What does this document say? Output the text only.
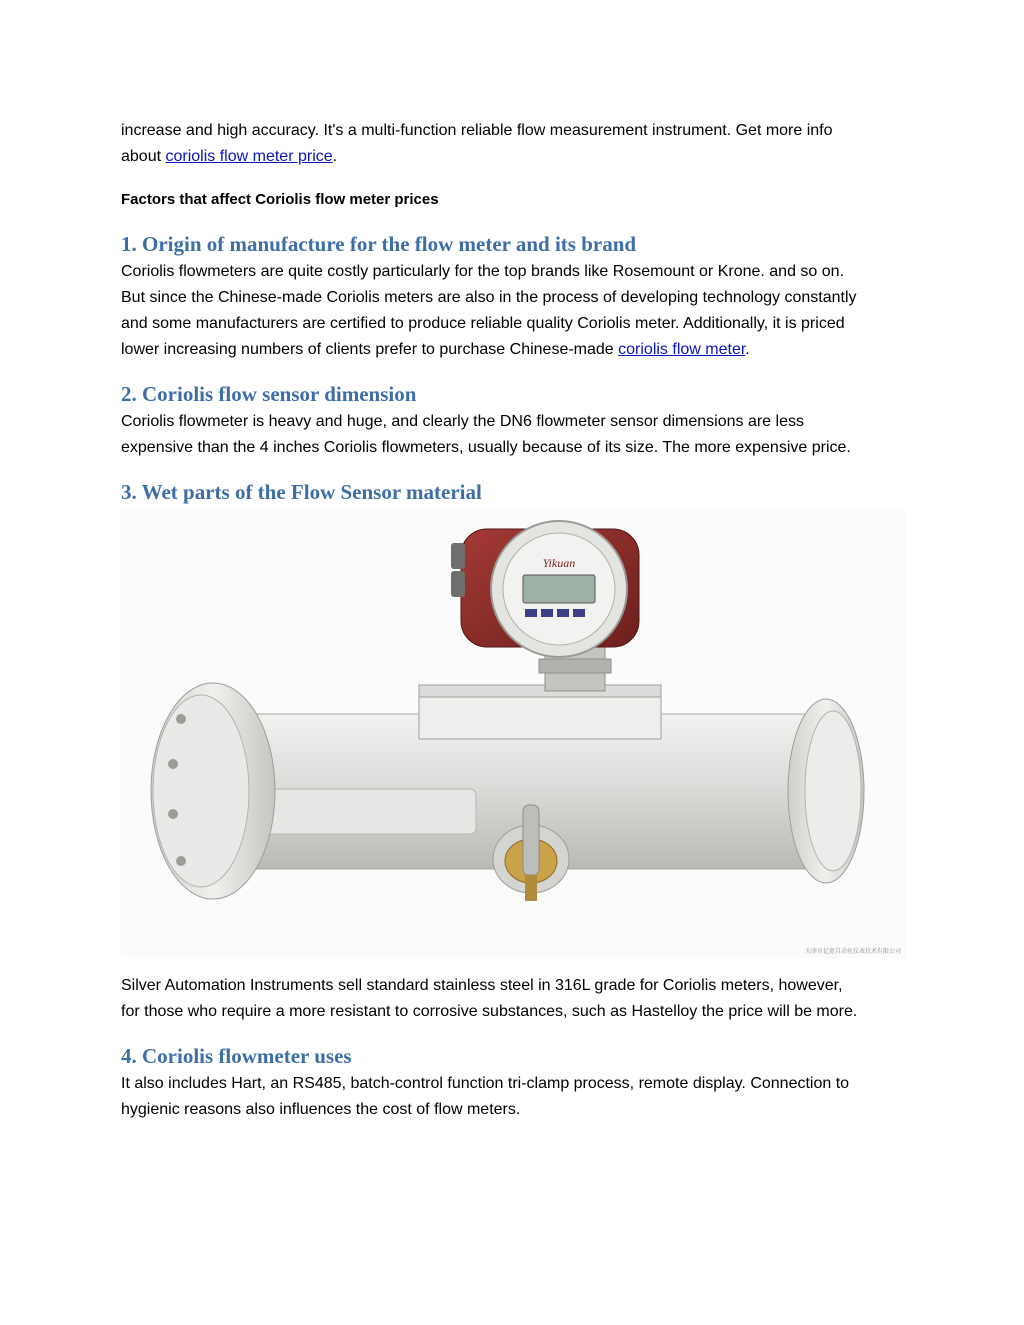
increase and high accuracy. It's a multi-function reliable flow measurement instrument. Get more info
about coriolis flow meter price.
Factors that affect Coriolis flow meter prices
1. Origin of manufacture for the flow meter and its brand
Coriolis flowmeters are quite costly particularly for the top brands like Rosemount or Krone. and so on.
But since the Chinese-made Coriolis meters are also in the process of developing technology constantly
and some manufacturers are certified to produce reliable quality Coriolis meter. Additionally, it is priced
lower increasing numbers of clients prefer to purchase Chinese-made coriolis flow meter.
2. Coriolis flow sensor dimension
Coriolis flowmeter is heavy and huge, and clearly the DN6 flowmeter sensor dimensions are less
expensive than the 4 inches Coriolis flowmeters, usually because of its size. The more expensive price.
3. Wet parts of the Flow Sensor material
Yikuan
天津市亿宽自动化仪表技术有限公司
Silver Automation Instruments sell standard stainless steel in 316L grade for Coriolis meters, however,
for those who require a more resistant to corrosive substances, such as Hastelloy the price will be more.
4. Coriolis flowmeter uses
It also includes Hart, an RS485, batch-control function tri-clamp process, remote display. Connection to
hygienic reasons also influences the cost of flow meters.
